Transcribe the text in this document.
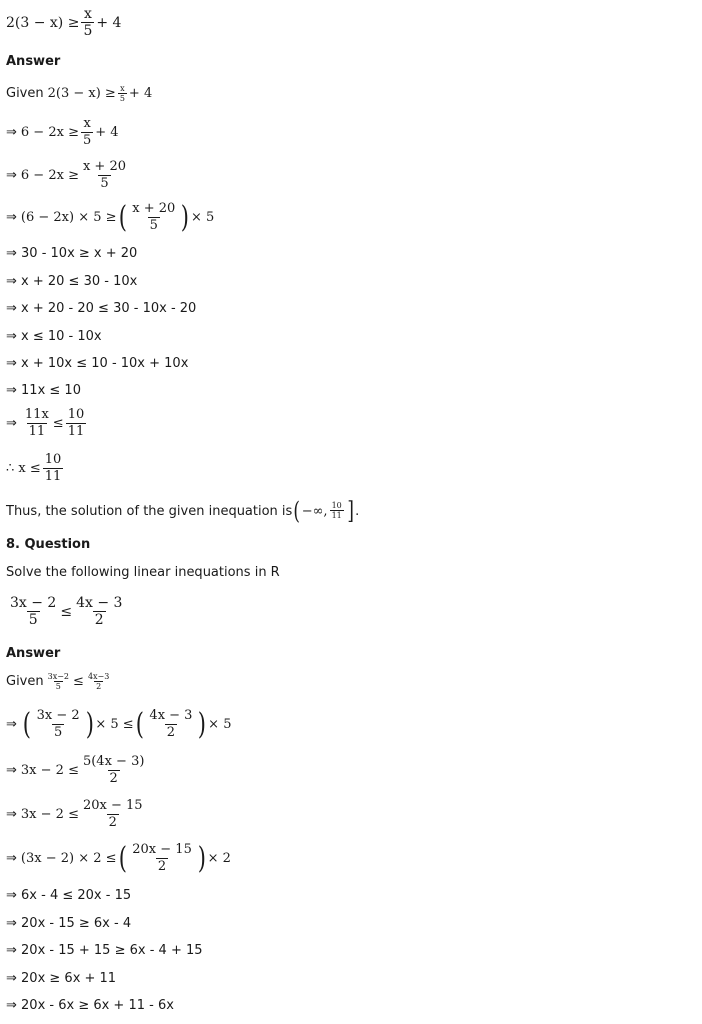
$2(3 - x) \ge \frac{x}{5} + 4$
Answer
Given $2(3 - x) \ge \frac{x}{5} + 4$
⇒ $6 - 2x \ge \frac{x}{5} + 4$
⇒ $6 - 2x \ge \frac{x + 20}{5}$
⇒ (6 − 2x) × 5 ≥ ( $\frac{x + 20}{5}$ ) × 5
⇒ 30 - 10x ≥ x + 20
⇒ x + 20 ≤ 30 - 10x
⇒ x + 20 - 20 ≤ 30 - 10x - 20
⇒ x ≤ 10 - 10x
⇒ x + 10x ≤ 10 - 10x + 10x
⇒ 11x ≤ 10
⇒ $\frac{11x}{11} \le \frac{10}{11}$
∴ $x \le \frac{10}{11}$
Thus, the solution of the given inequation is ( −∞, $\frac{10}{11}$ ] .
8. Question
Solve the following linear inequations in R
$\frac{3x - 2}{5} \le \frac{4x - 3}{2}$
Answer
Given $\frac{3x-2}{5} \le \frac{4x-3}{2}$
⇒ ( $\frac{3x - 2}{5}$ ) × 5 ≤ ( $\frac{4x - 3}{2}$ ) × 5
⇒ $3x - 2 \le \frac{5(4x - 3)}{2}$
⇒ $3x - 2 \le \frac{20x - 15}{2}$
⇒ (3x − 2) × 2 ≤ ( $\frac{20x - 15}{2}$ ) × 2
⇒ 6x - 4 ≤ 20x - 15
⇒ 20x - 15 ≥ 6x - 4
⇒ 20x - 15 + 15 ≥ 6x - 4 + 15
⇒ 20x ≥ 6x + 11
⇒ 20x - 6x ≥ 6x + 11 - 6x
